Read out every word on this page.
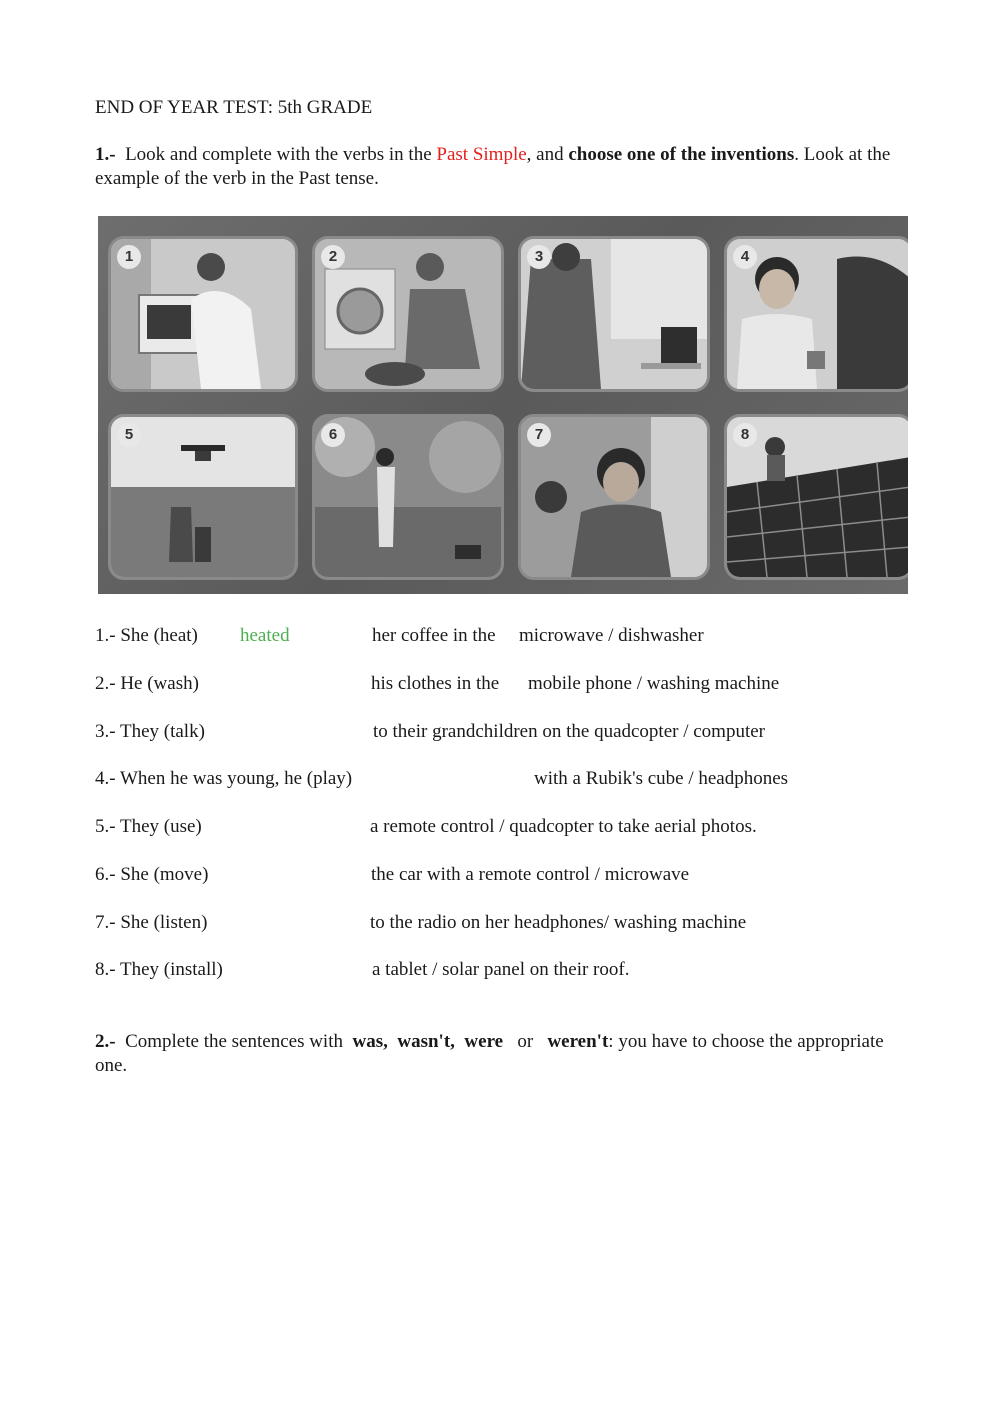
END OF YEAR TEST: 5th GRADE
1.- Look and complete with the verbs in the Past Simple, and choose one of the inventions. Look at the example of the verb in the Past tense.
1	2	3	4
5	6	7	8
1.- She (heat) heated	her coffee in the microwave / dishwasher
2.- He (wash)	his clothes in the mobile phone / washing machine
3.- They (talk)	to their grandchildren on the quadcopter / computer
4.- When he was young, he (play)	with a Rubik's cube / headphones
5.- They (use)	a remote control / quadcopter to take aerial photos.
6.- She (move)	the car with a remote control / microwave
7.- She (listen)	to the radio on her headphones/ washing machine
8.- They (install)	a tablet / solar panel on their roof.
2.- Complete the sentences with was, wasn't, were or weren't: you have to choose the appropriate one.
